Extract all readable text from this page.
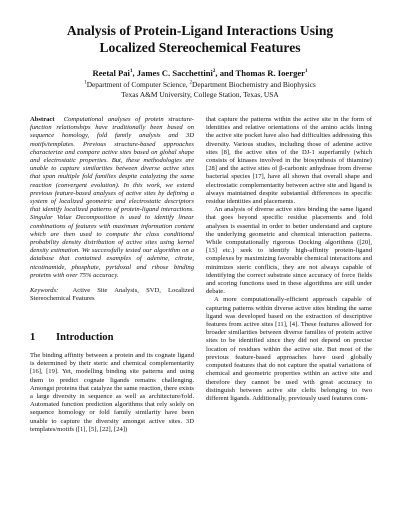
Analysis of Protein-Ligand Interactions Using
Localized Stereochemical Features
Reetal Pai$^1$, James C. Sacchettini$^2$, and Thomas R. Ioerger$^1$
$^1$Department of Computer Science, $^2$Department Biochemistry and Biophysics
Texas A&M University, College Station, Texas, USA

Abstract Computational analyses of protein structure-function relationships have traditionally been based on sequence homology, fold family analysis and 3D motifs/templates. Previous structure-based approaches characterize and compare active sites based on global shape and electrostatic properties. But, these methodologies are unable to capture similarities between diverse active sites that span multiple fold families despite catalyzing the same reaction (convergent evolution). In this work, we extend previous feature-based analyses of active sites by defining a system of localized geometric and electrostatic descriptors that identify localized patterns of protein-ligand interactions. Singular Value Decomposition is used to identify linear combinations of features with maximum information content which are then used to compute the class conditional probability density distribution of active sites using kernel density estimation. We successfully tested our algorithm on a database that contained examples of adenine, citrate, nicotinamide, phosphate, pyridoxal and ribose binding proteins with over 75% accuracy.

Keywords: Active Site Analysis, SVD, Localized Stereochemical Features

1 Introduction

The binding affinity between a protein and its cognate ligand is determined by their steric and chemical complementarity [16], [19]. Yet, modelling binding site patterns and using them to predict cognate ligands remains challenging. Amongst proteins that catalyze the same reaction, there exists a large diversity in sequence as well as architecture/fold. Automated function prediction algorithms that rely solely on sequence homology or fold family similarity have been unable to capture the diversity amongst active sites. 3D templates/motifs ([1], [5], [22], [24])

that capture the patterns within the active site in the form of identities and relative orientations of the amino acids lining the active site pocket have also had difficulties addressing this diversity. Various studies, including those of adenine active sites [8], the active sites of the DJ-1 superfamily (which consists of kinases involved in the biosynthesis of thiamine) [28] and the active sites of β-carbonic anhydrase from diverse bacterial species [17], have all shown that overall shape and electrostatic complementarity between active site and ligand is always maintained despite substantial differences in specific residue identities and placements.

An analysis of diverse active sites binding the same ligand that goes beyond specific residue placements and fold analyses is essential in order to better understand and capture the underlying geometric and chemical interaction patterns. While computationally rigorous Docking algorithms ([20], [13] etc.) seek to identify high-affinity protein-ligand complexes by maximizing favorable chemical interactions and minimizes steric conflicts, they are not always capable of identifying the correct substrate since accuracy of force fields and scoring functions used in these algorithms are still under debate.

A more computationally-efficient approach capable of capturing patterns within diverse active sites binding the same ligand was developed based on the extraction of descriptive features from active sites [11], [4]. These features allowed for broader similarities between diverse families of protein active sites to be identified since they did not depend on precise location of residues within the active site. But most of the previous feature-based approaches have used globally computed features that do not capture the spatial variations of chemical and geometric properties within an active site and therefore they cannot be used with great accuracy to distinguish between active site clefts belonging to two different ligands. Additionally, previously used features com-
